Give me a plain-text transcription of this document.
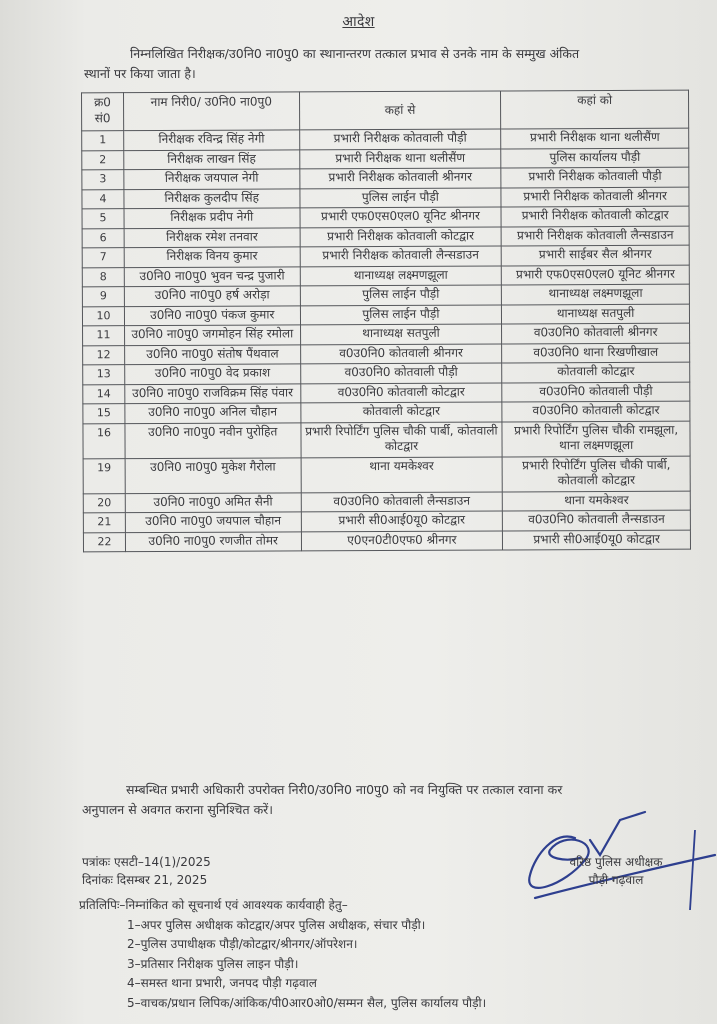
आदेश
निम्नलिखित निरीक्षक/उ0नि0 ना0पु0 का स्थानान्तरण तत्काल प्रभाव से उनके नाम के सम्मुख अंकित
स्थानों पर किया जाता है।
क्र0 सं0	नाम निरी0/ उ0नि0 ना0पु0	कहां से	कहां को
1	निरीक्षक रविन्द्र सिंह नेगी	प्रभारी निरीक्षक कोतवाली पौड़ी	प्रभारी निरीक्षक थाना थलीसैंण
2	निरीक्षक लाखन सिंह	प्रभारी निरीक्षक थाना थलीसैंण	पुलिस कार्यालय पौड़ी
3	निरीक्षक जयपाल नेगी	प्रभारी निरीक्षक कोतवाली श्रीनगर	प्रभारी निरीक्षक कोतवाली पौड़ी
4	निरीक्षक कुलदीप सिंह	पुलिस लाईन पौड़ी	प्रभारी निरीक्षक कोतवाली श्रीनगर
5	निरीक्षक प्रदीप नेगी	प्रभारी एफ0एस0एल0 यूनिट श्रीनगर	प्रभारी निरीक्षक कोतवाली कोटद्वार
6	निरीक्षक रमेश तनवार	प्रभारी निरीक्षक कोतवाली कोटद्वार	प्रभारी निरीक्षक कोतवाली लैन्सडाउन
7	निरीक्षक विनय कुमार	प्रभारी निरीक्षक कोतवाली लैन्सडाउन	प्रभारी साईबर सैल श्रीनगर
8	उ0नि0 ना0पु0 भुवन चन्द्र पुजारी	थानाध्यक्ष लक्ष्मणझूला	प्रभारी एफ0एस0एल0 यूनिट श्रीनगर
9	उ0नि0 ना0पु0 हर्ष अरोड़ा	पुलिस लाईन पौड़ी	थानाध्यक्ष लक्ष्मणझूला
10	उ0नि0 ना0पु0 पंकज कुमार	पुलिस लाईन पौड़ी	थानाध्यक्ष सतपुली
11	उ0नि0 ना0पु0 जगमोहन सिंह रमोला	थानाध्यक्ष सतपुली	व0उ0नि0 कोतवाली श्रीनगर
12	उ0नि0 ना0पु0 संतोष पैंथवाल	व0उ0नि0 कोतवाली श्रीनगर	व0उ0नि0 थाना रिखणीखाल
13	उ0नि0 ना0पु0 वेद प्रकाश	व0उ0नि0 कोतवाली पौड़ी	कोतवाली कोटद्वार
14	उ0नि0 ना0पु0 राजविक्रम सिंह पंवार	व0उ0नि0 कोतवाली कोटद्वार	व0उ0नि0 कोतवाली पौड़ी
15	उ0नि0 ना0पु0 अनिल चौहान	कोतवाली कोटद्वार	व0उ0नि0 कोतवाली कोटद्वार
16	उ0नि0 ना0पु0 नवीन पुरोहित	प्रभारी रिपोर्टिंग पुलिस चौकी पार्बी, कोतवाली कोटद्वार	प्रभारी रिपोर्टिंग पुलिस चौकी रामझूला, थाना लक्ष्मणझूला
19	उ0नि0 ना0पु0 मुकेश गैरोला	थाना यमकेश्वर	प्रभारी रिपोर्टिंग पुलिस चौकी पार्बी, कोतवाली कोटद्वार
20	उ0नि0 ना0पु0 अमित सैनी	व0उ0नि0 कोतवाली लैन्सडाउन	थाना यमकेश्वर
21	उ0नि0 ना0पु0 जयपाल चौहान	प्रभारी सी0आई0यू0 कोटद्वार	व0उ0नि0 कोतवाली लैन्सडाउन
22	उ0नि0 ना0पु0 रणजीत तोमर	ए0एन0टी0एफ0 श्रीनगर	प्रभारी सी0आई0यू0 कोटद्वार
सम्बन्धित प्रभारी अधिकारी उपरोक्त निरी0/उ0नि0 ना0पु0 को नव नियुक्ति पर तत्काल रवाना कर
अनुपालन से अवगत कराना सुनिश्चित करें।
पत्रांकः एसटी–14(1)/2025
दिनांकः दिसम्बर 21, 2025
वरिष्ठ पुलिस अधीक्षक
पौड़ी गढ़वाल
प्रतिलिपिः–निम्नांकित को सूचनार्थ एवं आवश्यक कार्यवाही हेतु–
1–अपर पुलिस अधीक्षक कोटद्वार/अपर पुलिस अधीक्षक, संचार पौड़ी।
2–पुलिस उपाधीक्षक पौड़ी/कोटद्वार/श्रीनगर/ऑपरेशन।
3–प्रतिसार निरीक्षक पुलिस लाइन पौड़ी।
4–समस्त थाना प्रभारी, जनपद पौड़ी गढ़वाल
5–वाचक/प्रधान लिपिक/आंकिक/पी0आर0ओ0/सम्मन सैल, पुलिस कार्यालय पौड़ी।
